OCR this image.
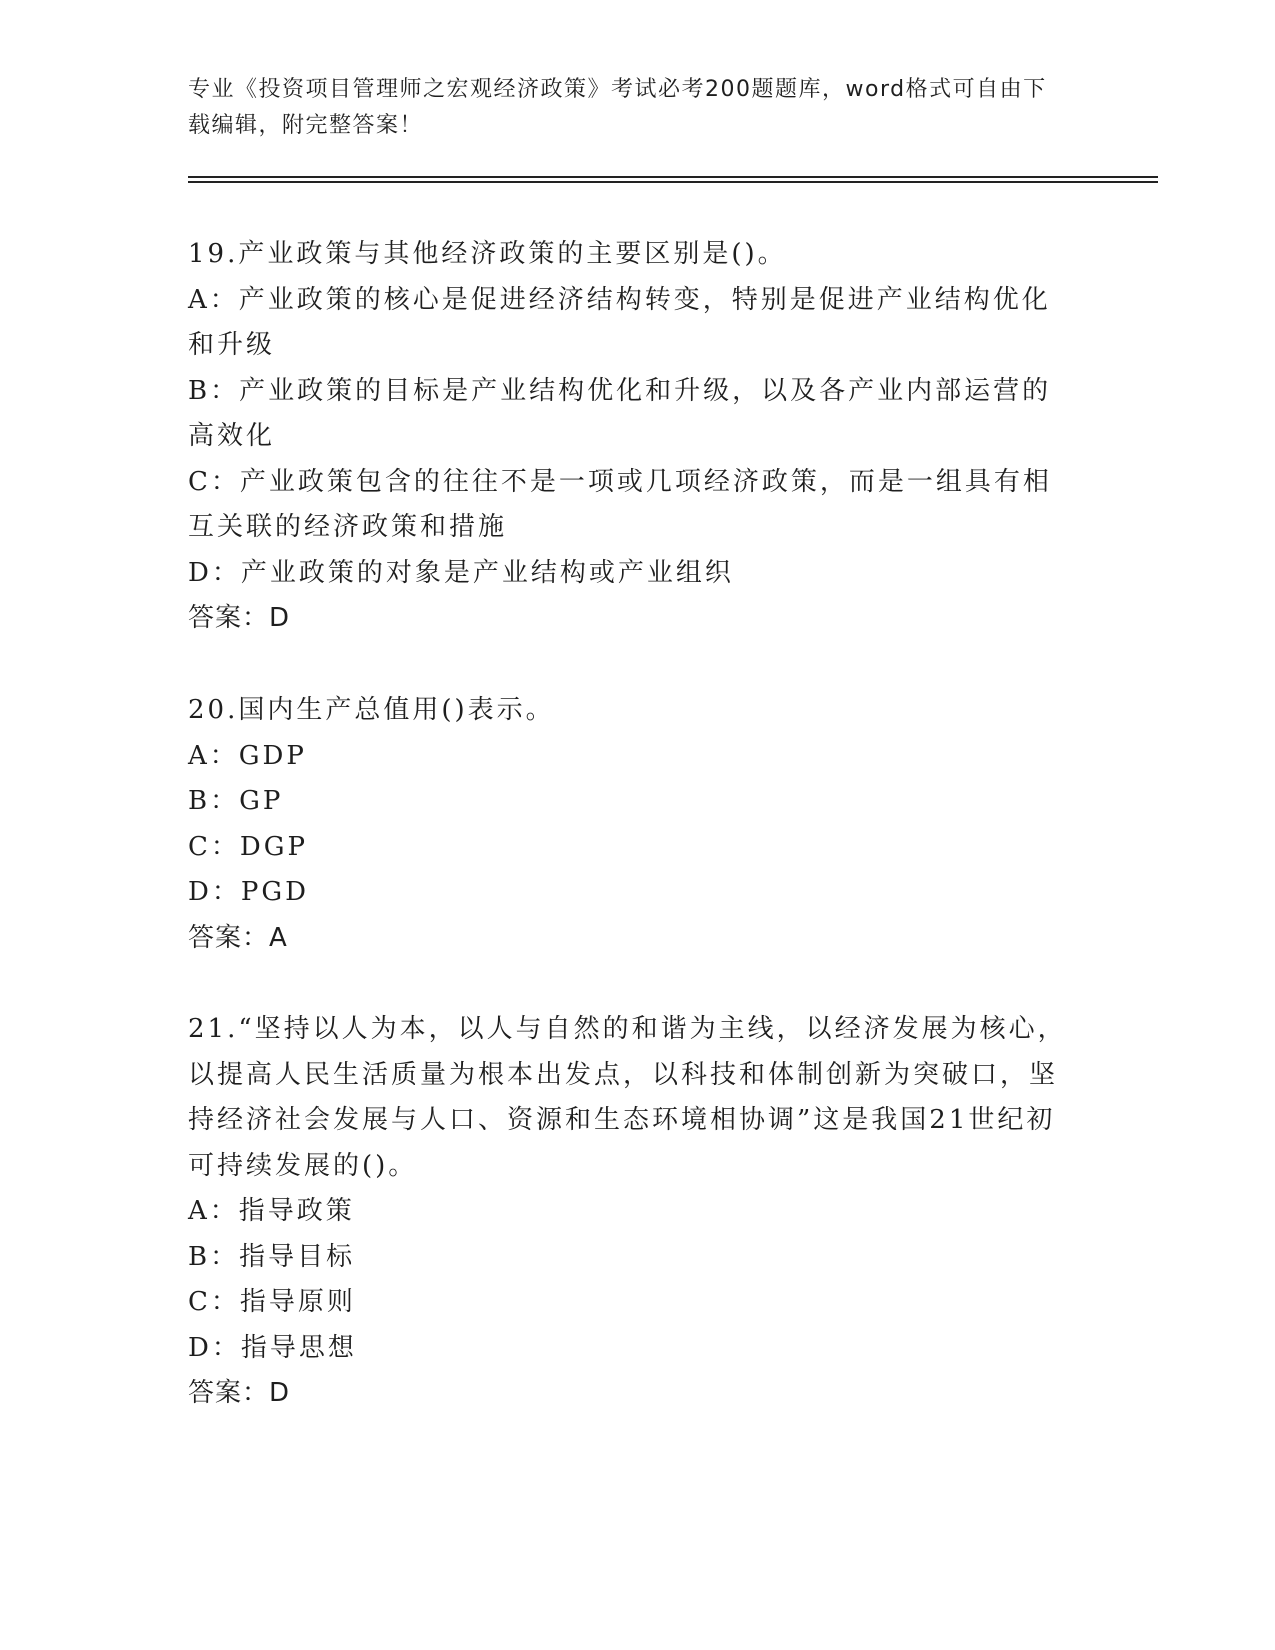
专业《投资项目管理师之宏观经济政策》考试必考200题题库，word格式可自由下载编辑，附完整答案！

19.产业政策与其他经济政策的主要区别是()。

A：产业政策的核心是促进经济结构转变，特别是促进产业结构优化和升级

B：产业政策的目标是产业结构优化和升级，以及各产业内部运营的高效化

C：产业政策包含的往往不是一项或几项经济政策，而是一组具有相互关联的经济政策和措施

D：产业政策的对象是产业结构或产业组织

答案：D

20.国内生产总值用()表示。

A：GDP

B：GP

C：DGP

D：PGD

答案：A

21.“坚持以人为本，以人与自然的和谐为主线，以经济发展为核心，以提高人民生活质量为根本出发点，以科技和体制创新为突破口，坚持经济社会发展与人口、资源和生态环境相协调”这是我国21世纪初可持续发展的()。

A：指导政策

B：指导目标

C：指导原则

D：指导思想

答案：D
